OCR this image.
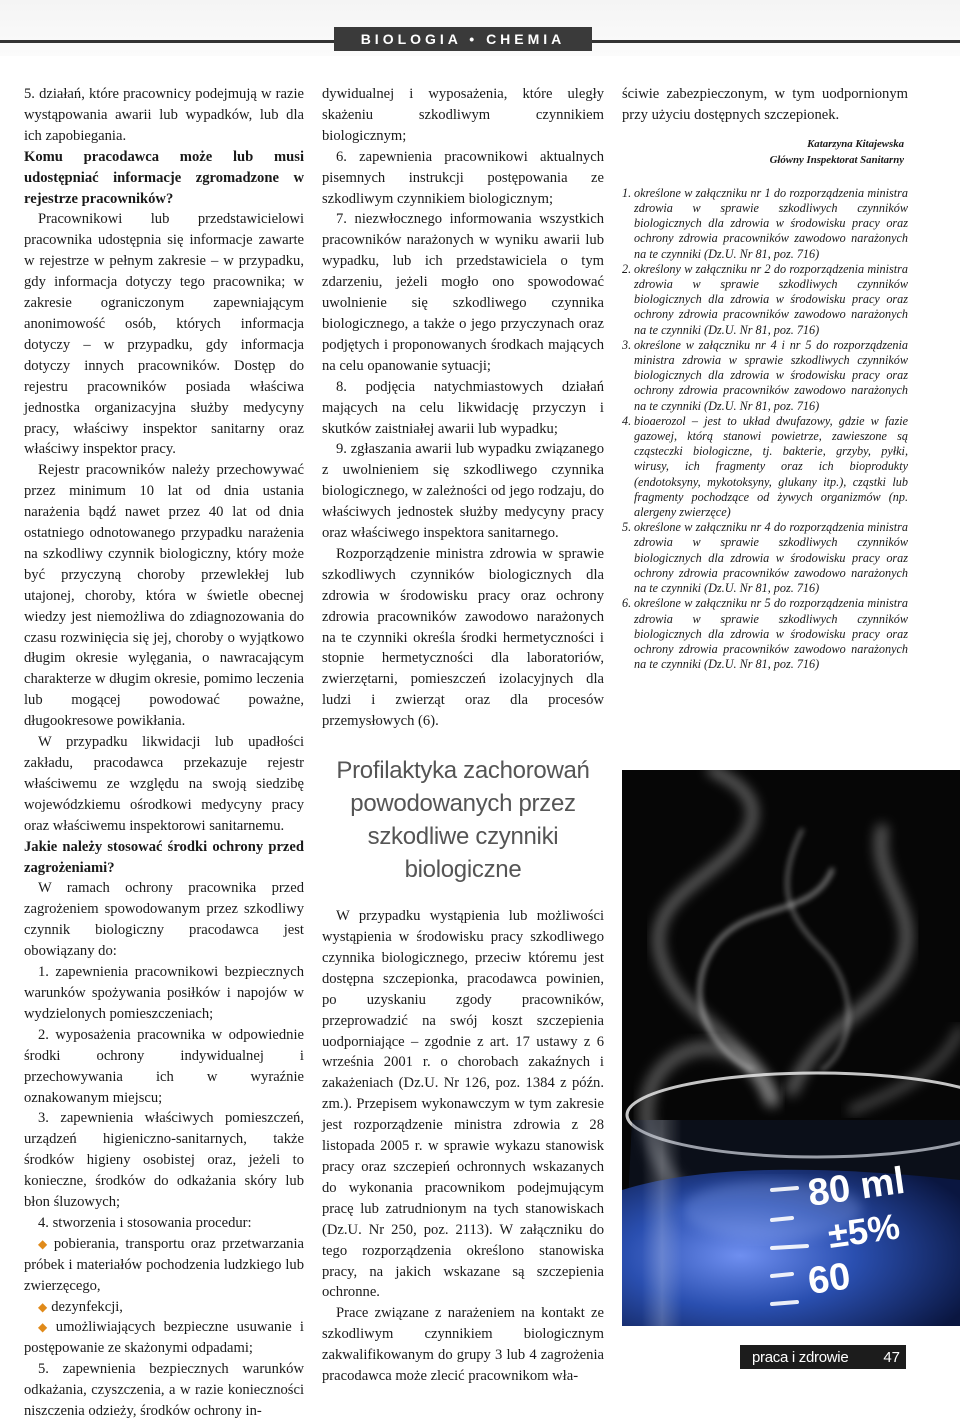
BIOLOGIA • CHEMIA

5. działań, które pracownicy podejmują w razie wystąpowania awarii lub wypadków, lub dla ich zapobiegania.

Komu pracodawca może lub musi udostępniać informacje zgromadzone w rejestrze pracowników?

Pracownikowi lub przedstawicielowi pracownika udostępnia się informacje zawarte w rejestrze w pełnym zakresie – w przypadku, gdy informacja dotyczy tego pracownika; w zakresie ograniczonym zapewniającym anonimowość osób, których informacja dotyczy – w przypadku, gdy informacja dotyczy innych pracowników. Dostęp do rejestru pracowników posiada właściwa jednostka organizacyjna służby medycyny pracy, właściwy inspektor sanitarny oraz właściwy inspektor pracy.

Rejestr pracowników należy przechowywać przez minimum 10 lat od dnia ustania narażenia bądź nawet przez 40 lat od dnia ostatniego odnotowanego przypadku narażenia na szkodliwy czynnik biologiczny, który może być przyczyną choroby przewlekłej lub utajonej, choroby, która w świetle obecnej wiedzy jest niemożliwa do zdiagnozowania do czasu rozwinięcia się jej, choroby o wyjątkowo długim okresie wylęgania, o nawracającym charakterze w długim okresie, pomimo leczenia lub mogącej powodować poważne, długookresowe powikłania.

W przypadku likwidacji lub upadłości zakładu, pracodawca przekazuje rejestr właściwemu ze względu na swoją siedzibę wojewódzkiemu ośrodkowi medycyny pracy oraz właściwemu inspektorowi sanitarnemu.

Jakie należy stosować środki ochrony przed zagrożeniami?

W ramach ochrony pracownika przed zagrożeniem spowodowanym przez szkodliwy czynnik biologiczny pracodawca jest obowiązany do:

1. zapewnienia pracownikowi bezpiecznych warunków spożywania posiłków i napojów w wydzielonych pomieszczeniach;

2. wyposażenia pracownika w odpowiednie środki ochrony indywidualnej i przechowywania ich w wyraźnie oznakowanym miejscu;

3. zapewnienia właściwych pomieszczeń, urządzeń higieniczno-sanitarnych, także środków higieny osobistej oraz, jeżeli to konieczne, środków do odkażania skóry lub błon śluzowych;

4. stworzenia i stosowania procedur:

◆ pobierania, transportu oraz przetwarzania próbek i materiałów pochodzenia ludzkiego lub zwierzęcego,

◆ dezynfekcji,

◆ umożliwiających bezpieczne usuwanie i postępowanie ze skażonymi odpadami;

5. zapewnienia bezpiecznych warunków odkażania, czyszczenia, a w razie konieczności niszczenia odzieży, środków ochrony in-

dywidualnej i wyposażenia, które uległy skażeniu szkodliwym czynnikiem biologicznym;

6. zapewnienia pracownikowi aktualnych pisemnych instrukcji postępowania ze szkodliwym czynnikiem biologicznym;

7. niezwłocznego informowania wszystkich pracowników narażonych w wyniku awarii lub wypadku, lub ich przedstawiciela o tym zdarzeniu, jeżeli mogło ono spowodować uwolnienie się szkodliwego czynnika biologicznego, a także o jego przyczynach oraz podjętych i proponowanych środkach mających na celu opanowanie sytuacji;

8. podjęcia natychmiastowych działań mających na celu likwidację przyczyn i skutków zaistniałej awarii lub wypadku;

9. zgłaszania awarii lub wypadku związanego z uwolnieniem się szkodliwego czynnika biologicznego, w zależności od jego rodzaju, do właściwych jednostek służby medycyny pracy oraz właściwego inspektora sanitarnego.

Rozporządzenie ministra zdrowia w sprawie szkodliwych czynników biologicznych dla zdrowia w środowisku pracy oraz ochrony zdrowia pracowników zawodowo narażonych na te czynniki określa środki hermetyczności i stopnie hermetyczności dla laboratoriów, zwierzętarni, pomieszczeń izolacyjnych dla ludzi i zwierząt oraz dla procesów przemysłowych (6).

Profilaktyka zachorowań powodowanych przez szkodliwe czynniki biologiczne

W przypadku wystąpienia lub możliwości wystąpienia w środowisku pracy szkodliwego czynnika biologicznego, przeciw któremu jest dostępna szczepionka, pracodawca powinien, po uzyskaniu zgody pracowników, przeprowadzić na swój koszt szczepienia uodporniające – zgodnie z art. 17 ustawy z 6 września 2001 r. o chorobach zakaźnych i zakażeniach (Dz.U. Nr 126, poz. 1384 z późn. zm.). Przepisem wykonawczym w tym zakresie jest rozporządzenie ministra zdrowia z 28 listopada 2005 r. w sprawie wykazu stanowisk pracy oraz szczepień ochronnych wskazanych do wykonania pracownikom podejmującym pracę lub zatrudnionym na tych stanowiskach (Dz.U. Nr 250, poz. 2113). W załączniku do tego rozporządzenia określono stanowiska pracy, na jakich wskazane są szczepienia ochronne.

Prace związane z narażeniem na kontakt ze szkodliwym czynnikiem biologicznym zakwalifikowanym do grupy 3 lub 4 zagrożenia pracodawca może zlecić pracownikom wła-

ściwie zabezpieczonym, w tym uodpornionym przy użyciu dostępnych szczepionek.

Katarzyna Kitajewska
Główny Inspektorat Sanitarny
1. określone w załączniku nr 1 do rozporządzenia ministra zdrowia w sprawie szkodliwych czynników biologicznych dla zdrowia w środowisku pracy oraz ochrony zdrowia pracowników zawodowo narażonych na te czynniki (Dz.U. Nr 81, poz. 716)
2. określony w załączniku nr 2 do rozporządzenia ministra zdrowia w sprawie szkodliwych czynników biologicznych dla zdrowia w środowisku pracy oraz ochrony zdrowia pracowników zawodowo narażonych na te czynniki (Dz.U. Nr 81, poz. 716)
3. określone w załączniku nr 4 i nr 5 do rozporządzenia ministra zdrowia w sprawie szkodliwych czynników biologicznych dla zdrowia w środowisku pracy oraz ochrony zdrowia pracowników zawodowo narażonych na te czynniki (Dz.U. Nr 81, poz. 716)
4. bioaerozol – jest to układ dwufazowy, gdzie w fazie gazowej, którą stanowi powietrze, zawieszone są cząsteczki biologiczne, tj. bakterie, grzyby, pyłki, wirusy, ich fragmenty oraz ich bioprodukty (endotoksyny, mykotoksyny, glukany itp.), cząstki lub fragmenty pochodzące od żywych organizmów (np. alergeny zwierzęce)
5. określone w załączniku nr 4 do rozporządzenia ministra zdrowia w sprawie szkodliwych czynników biologicznych dla zdrowia w środowisku pracy oraz ochrony zdrowia pracowników zawodowo narażonych na te czynniki (Dz.U. Nr 81, poz. 716)
6. określone w załączniku nr 5 do rozporządzenia ministra zdrowia w sprawie szkodliwych czynników biologicznych dla zdrowia w środowisku pracy oraz ochrony zdrowia pracowników zawodowo narażonych na te czynniki (Dz.U. Nr 81, poz. 716)
80 ml
±5%
60
praca i zdrowie 47
